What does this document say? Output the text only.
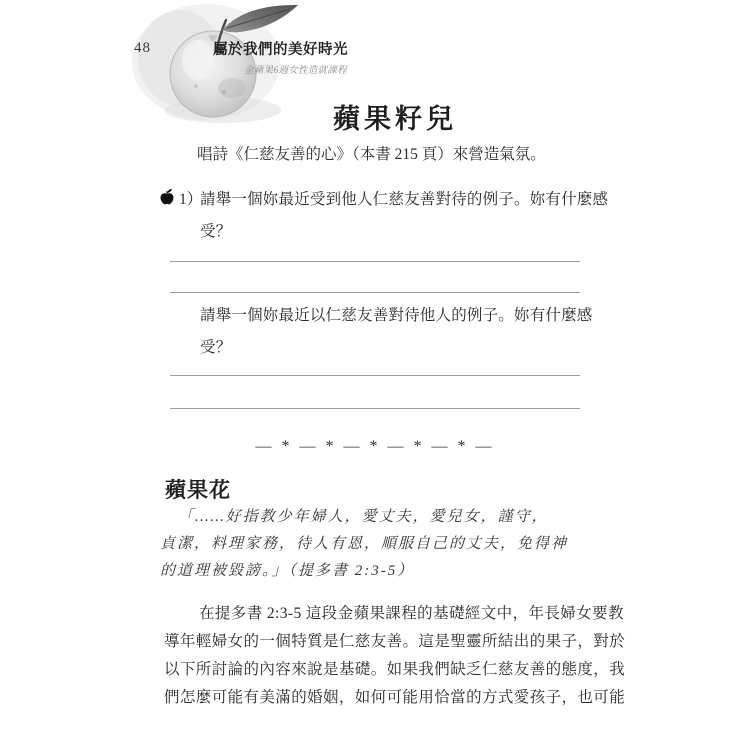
48	屬於我們的美好時光
金蘋果6週女性造就課程
蘋果籽兒
唱詩《仁慈友善的心》（本書 215 頁）來營造氣氛。
1）
請舉一個妳最近受到他人仁慈友善對待的例子。妳有什麼感
受？
請舉一個妳最近以仁慈友善對待他人的例子。妳有什麼感
受？
— * — * — * — * — * —
蘋果花
「……好指教少年婦人，愛丈夫，愛兒女，謹守，
貞潔，料理家務，待人有恩，順服自己的丈夫，免得神
的道理被毀謗。」（提多書 2:3-5）
在提多書 2:3-5 這段金蘋果課程的基礎經文中，年長婦女要教
導年輕婦女的一個特質是仁慈友善。這是聖靈所結出的果子，對於
以下所討論的內容來說是基礎。如果我們缺乏仁慈友善的態度，我
們怎麼可能有美滿的婚姻，如何可能用恰當的方式愛孩子，也可能
